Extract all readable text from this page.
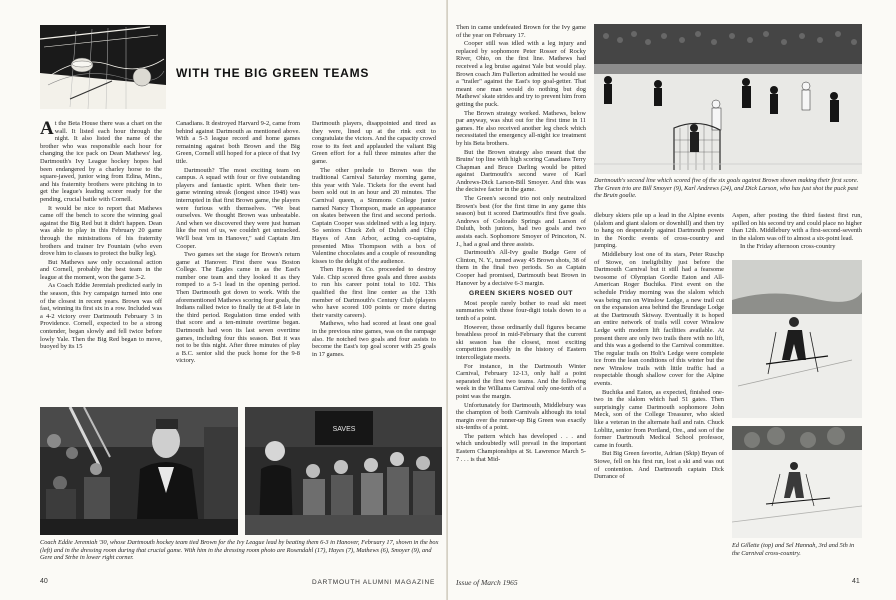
WITH THE BIG GREEN TEAMS

At the Beta House there was a chart on the wall. It listed each hour through the night. It also listed the name of the brother who was responsible each hour for changing the ice pack on Dean Mathews' leg. Dartmouth's Ivy League hockey hopes had been endangered by a charley horse to the square-jawed, junior wing from Edina, Minn., and his fraternity brothers were pitching in to get the league's leading scorer ready for the pending, crucial battle with Cornell.

It would be nice to report that Mathews came off the bench to score the winning goal against the Big Red but it didn't happen. Dean was able to play in this February 20 game through the ministrations of his fraternity brothers and trainer Irv Fountain (who even drove him to classes to protect the bulky leg).

But Mathews saw only occasional action and Cornell, probably the best team in the league at the moment, won the game 3-2.

As Coach Eddie Jeremiah predicted early in the season, this Ivy campaign turned into one of the closest in recent years. Brown was off fast, winning its first six in a row. Included was a 4-2 victory over Dartmouth February 3 in Providence. Cornell, expected to be a strong contender, began slowly and fell twice before lowly Yale. Then the Big Red began to move, buoyed by its 15

Canadians. It destroyed Harvard 9-2, came from behind against Dartmouth as mentioned above. With a 5-3 league record and home games remaining against both Brown and the Big Green, Cornell still hoped for a piece of that Ivy title.

Dartmouth? The most exciting team on campus. A squad with four or five outstanding players and fantastic spirit. When their ten-game winning streak (longest since 1948) was interrupted in that first Brown game, the players were furious with themselves. "We beat ourselves. We thought Brown was unbeatable. And when we discovered they were just human like the rest of us, we couldn't get untracked. We'll beat 'em in Hanover," said Captain Jim Cooper.

Two games set the stage for Brown's return game at Hanover. First there was Boston College. The Eagles came in as the East's number one team and they looked it as they romped to a 5-1 lead in the opening period. Then Dartmouth got down to work. With the aforementioned Mathews scoring four goals, the Indians rallied twice to finally tie at 8-8 late in the third period. Regulation time ended with that score and a ten-minute overtime began. Dartmouth had won its last seven overtime games, including four this season. But it was not to be this night. After three minutes of play a B.C. senior slid the puck home for the 9-8 victory.

Dartmouth players, disappointed and tired as they were, lined up at the rink exit to congratulate the victors. And the capacity crowd rose to its feet and applauded the valiant Big Green effort for a full three minutes after the game.

The other prelude to Brown was the traditional Carnival Saturday morning game, this year with Yale. Tickets for the event had been sold out in an hour and 20 minutes. The Carnival queen, a Simmons College junior named Nancy Thompson, made an appearance on skates between the first and second periods. Captain Cooper was sidelined with a leg injury. So seniors Chuck Zeh of Duluth and Chip Hayes of Ann Arbor, acting co-captains, presented Miss Thompson with a box of Valentine chocolates and a couple of resounding kisses to the delight of the audience.

Then Hayes & Co. proceeded to destroy Yale. Chip scored three goals and three assists to run his career point total to 102. This qualified the first line center as the 13th member of Dartmouth's Century Club (players who have scored 100 points or more during their varsity careers).

Mathews, who had scored at least one goal in the previous nine games, was on the rampage also. He notched two goals and four assists to become the East's top goal scorer with 25 goals in 17 games.

SAVES
Coach Eddie Jeremiah '30, whose Dartmouth hockey team tied Brown for the Ivy League lead by beating them 6-3 in Hanover, February 17, shown in the box (left) and in the dressing room during that crucial game. With him in the dressing room photo are Rosendahl (17), Hayes (7), Mathews (6), Smoyer (9), and Gere and Strbe in lower right corner.
40	DARTMOUTH ALUMNI MAGAZINE

Then in came undefeated Brown for the Ivy game of the year on February 17.

Cooper still was idled with a leg injury and replaced by sophomore Peter Rosser of Rocky River, Ohio, on the first line. Mathews had received a leg bruise against Yale but would play. Brown coach Jim Fullerton admitted he would use a "trailer" against the East's top goal-getter. That meant one man would do nothing but dog Mathews' skate strides and try to prevent him from getting the puck.

The Brown strategy worked. Mathews, below par anyway, was shut out for the first time in 11 games. He also received another leg check which necessitated the emergency all-night ice treatment by his Beta brothers.

But the Brown strategy also meant that the Bruins' top line with high scoring Canadians Terry Chapman and Bruce Darling would be pitted against Dartmouth's second wave of Karl Andrews-Dick Larson-Bill Smoyer. And this was the decisive factor in the game.

The Green's second trio not only neutralized Brown's best (for the first time in any game this season) but it scored Dartmouth's first five goals. Andrews of Colorado Springs and Larson of Duluth, both juniors, had two goals and two assists each. Sophomore Smoyer of Princeton, N. J., had a goal and three assists.

Dartmouth's All-Ivy goalie Budge Gere of Clinton, N. Y., turned away 45 Brown shots, 38 of them in the final two periods. So as Captain Cooper had promised, Dartmouth beat Brown in Hanover by a decisive 6-3 margin.

GREEN SKIERS NOSED OUT

Most people rarely bother to read ski meet summaries with those four-digit totals down to a tenth of a point.

However, those ordinarily dull figures became breathless proof in mid-February that the current ski season has the closest, most exciting competition possibly in the history of Eastern intercollegiate meets.

For instance, in the Dartmouth Winter Carnival, February 12-13, only half a point separated the first two teams. And the following week in the Williams Carnival only one-tenth of a point was the margin.

Unfortunately for Dartmouth, Middlebury was the champion of both Carnivals although its total margin over the runner-up Big Green was exactly six-tenths of a point.

The pattern which has developed . . . and which undoubtedly will prevail in the important Eastern Championships at St. Lawrence March 5-7 . . . is that Mid-

Dartmouth's second line which scored five of the six goals against Brown shown making their first score. The Green trio are Bill Smoyer (9), Karl Andrews (24), and Dick Larson, who has just shot the puck past the Bruin goalie.

dlebury skiers pile up a lead in the Alpine events (slalom and giant slalom or downhill) and then try to hang on desperately against Dartmouth power in the Nordic events of cross-country and jumping.

Middlebury lost one of its stars, Peter Ruschp of Stowe, on ineligibility just before the Dartmouth Carnival but it still had a fearsome twosome of Olympian Gordie Eaton and All-American Roger Buchika. First event on the schedule Friday morning was the slalom which was being run on Winslow Ledge, a new trail cut on the expansion area behind the Brundage Lodge at the Dartmouth Skiway. Eventually it is hoped an entire network of trails will cover Winslow Ledge with modern lift facilities available. At present there are only two trails there with no lift, and this was a godsend to the Carnival committee. The regular trails on Holt's Ledge were complete ice from the lean conditions of this winter but the new Winslow trails with little traffic had a respectable though shallow cover for the Alpine events.

Buchika and Eaton, as expected, finished one-two in the slalom which had 51 gates. Then surprisingly came Dartmouth sophomore John Meck, son of the College Treasurer, who skied like a veteran in the alternate hail and rain. Chuck Loblitz, senior from Portland, Ore., and son of the former Dartmouth Medical School professor, came in fourth.

But Big Green favorite, Adrian (Skip) Bryan of Stowe, fell on his first run, lost a ski and was out of contention. And Dartmouth captain Dick Durrance of

Aspen, after posting the third fastest first run, spilled on his second try and could place no higher than 12th. Middlebury with a first-second-seventh in the slalom was off to almost a six-point lead.

In the Friday afternoon cross-country

Ed Gillette (top) and Sel Hannah, 3rd and 5th in the Carnival cross-country.
Issue of March 1965	41
